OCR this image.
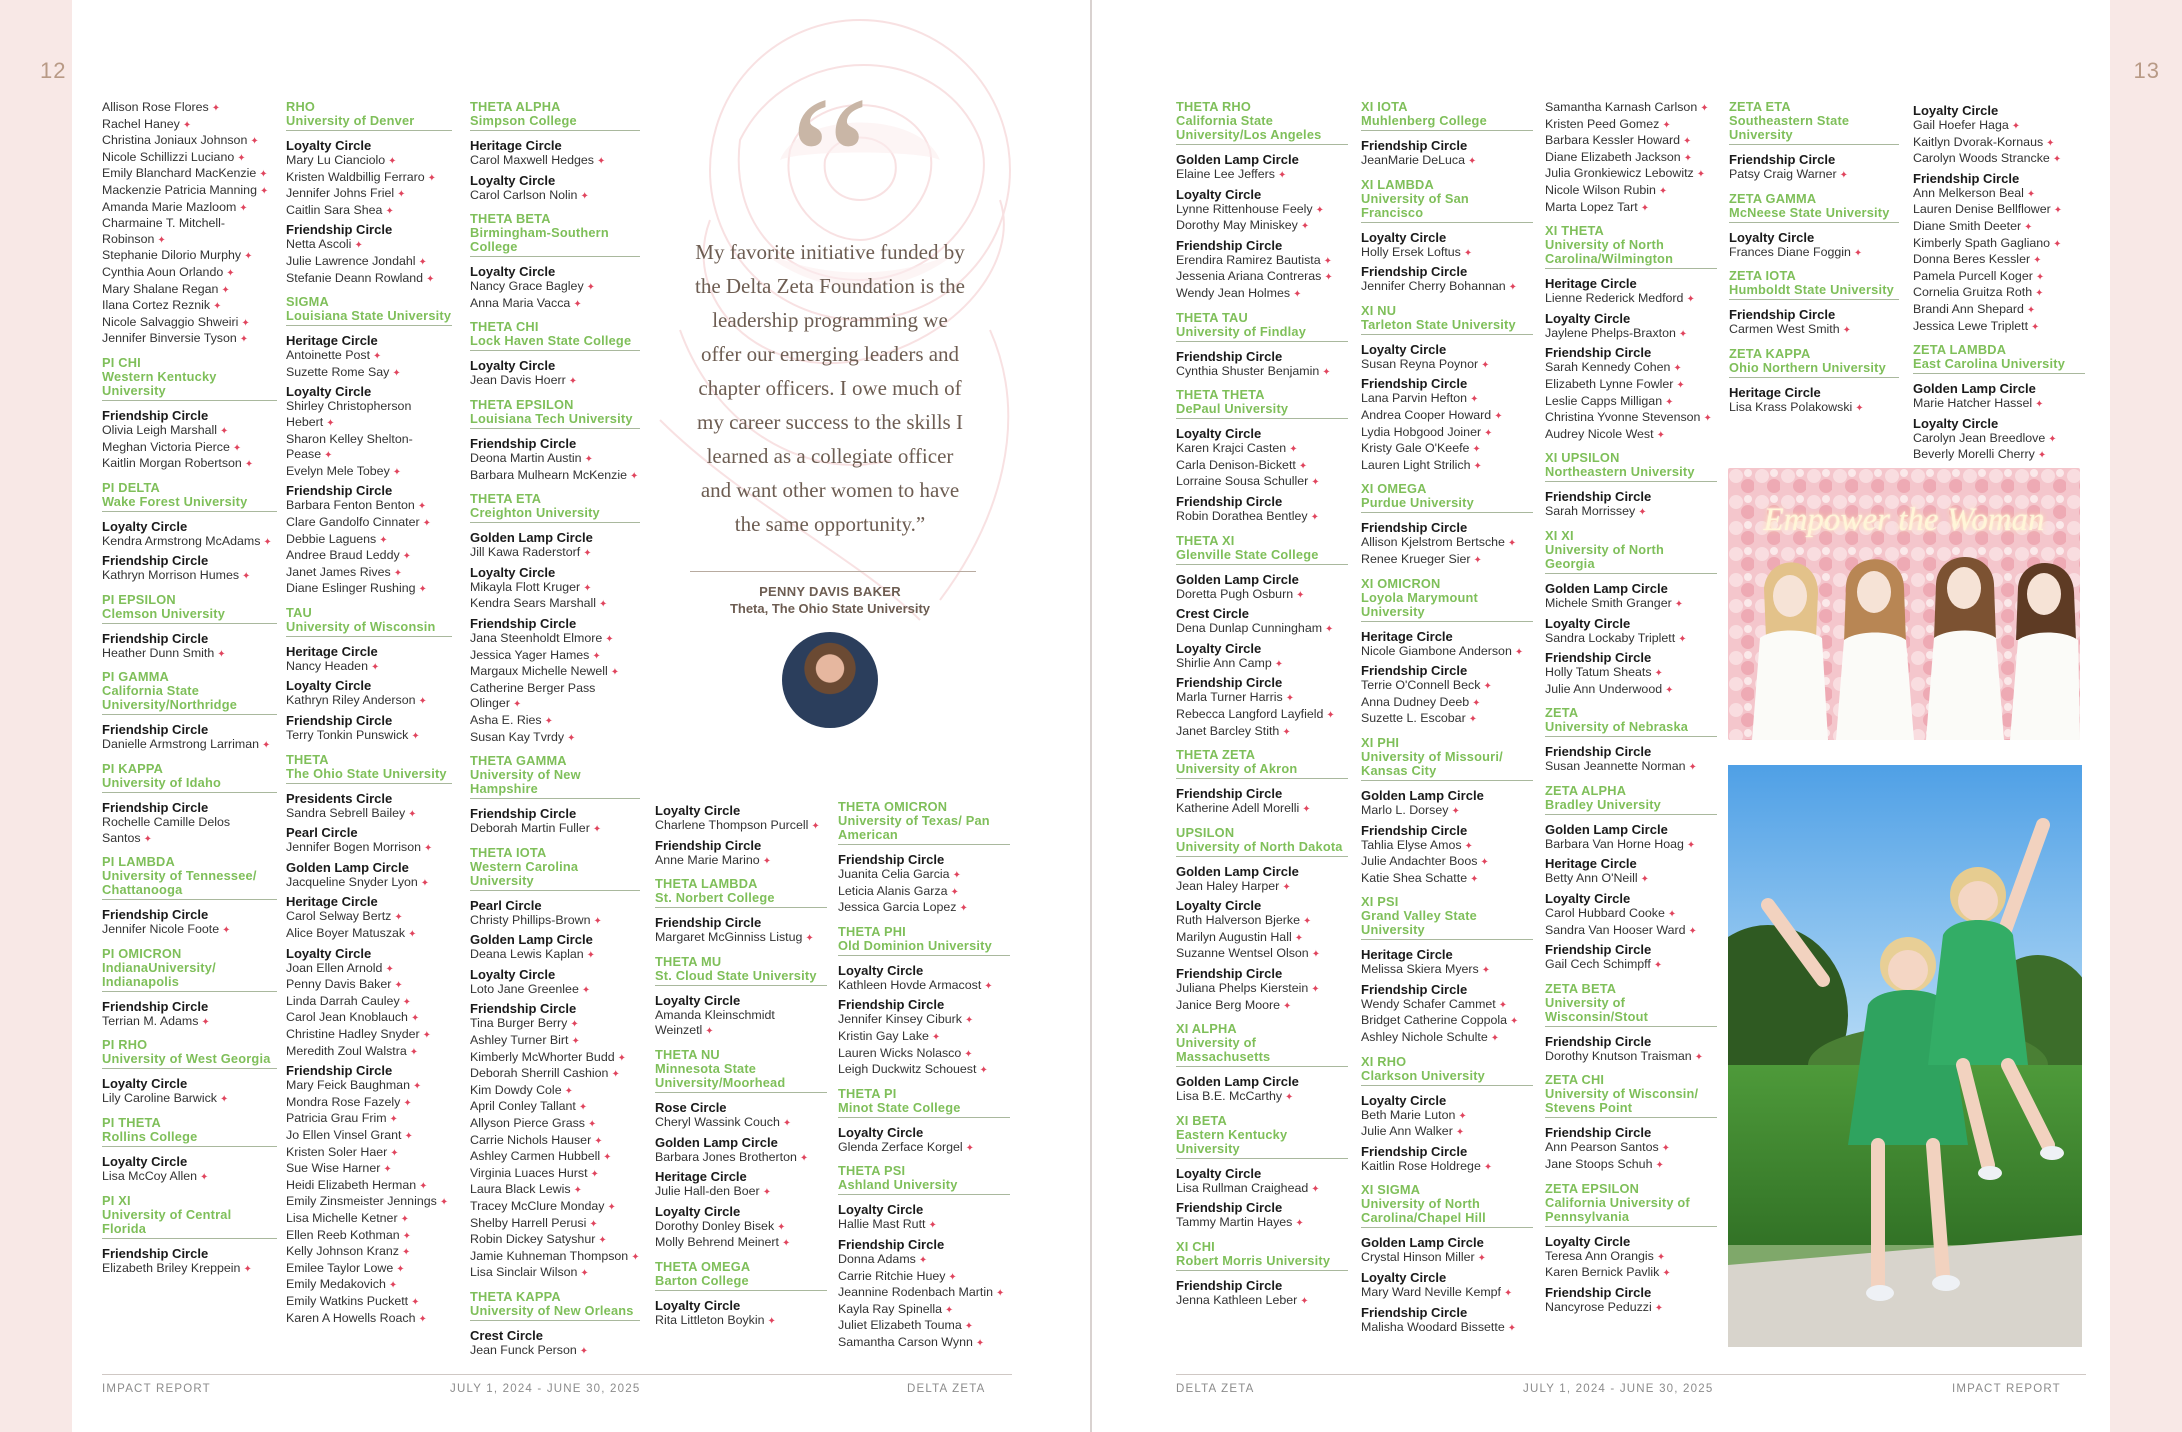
12
Allison Rose Flores ✦
Rachel Haney ✦
Christina Joniaux Johnson ✦
Nicole Schillizzi Luciano ✦
Emily Blanchard MacKenzie ✦
Mackenzie Patricia Manning ✦
Amanda Marie Mazloom ✦
Charmaine T. Mitchell-Robinson ✦
Stephanie Dilorio Murphy ✦
Cynthia Aoun Orlando ✦
Mary Shalane Regan ✦
Ilana Cortez Reznik ✦
Nicole Salvaggio Shweiri ✦
Jennifer Binversie Tyson ✦
PI CHI
Western Kentucky University
Friendship Circle
Olivia Leigh Marshall ✦
Meghan Victoria Pierce ✦
Kaitlin Morgan Robertson ✦
PI DELTA
Wake Forest University
Loyalty Circle
Kendra Armstrong McAdams ✦
Friendship Circle
Kathryn Morrison Humes ✦
PI EPSILON
Clemson University
Friendship Circle
Heather Dunn Smith ✦
PI GAMMA
California State University/Northridge
Friendship Circle
Danielle Armstrong Larriman ✦
PI KAPPA
University of Idaho
Friendship Circle
Rochelle Camille Delos Santos ✦
PI LAMBDA
University of Tennessee/ Chattanooga
Friendship Circle
Jennifer Nicole Foote ✦
PI OMICRON
IndianaUniversity/ Indianapolis
Friendship Circle
Terrian M. Adams ✦
PI RHO
University of West Georgia
Loyalty Circle
Lily Caroline Barwick ✦
PI THETA
Rollins College
Loyalty Circle
Lisa McCoy Allen ✦
PI XI
University of Central Florida
Friendship Circle
Elizabeth Briley Kreppein ✦
RHO
University of Denver
Loyalty Circle
Mary Lu Cianciolo ✦
Kristen Waldbillig Ferraro ✦
Jennifer Johns Friel ✦
Caitlin Sara Shea ✦
Friendship Circle
Netta Ascoli ✦
Julie Lawrence Jondahl ✦
Stefanie Deann Rowland ✦
SIGMA
Louisiana State University
Heritage Circle
Antoinette Post ✦
Suzette Rome Say ✦
Loyalty Circle
Shirley Christopherson Hebert ✦
Sharon Kelley Shelton-Pease ✦
Evelyn Mele Tobey ✦
Friendship Circle
Barbara Fenton Benton ✦
Clare Gandolfo Cinnater ✦
Debbie Laguens ✦
Andree Braud Leddy ✦
Janet James Rives ✦
Diane Eslinger Rushing ✦
TAU
University of Wisconsin
Heritage Circle
Nancy Headen ✦
Loyalty Circle
Kathryn Riley Anderson ✦
Friendship Circle
Terry Tonkin Punswick ✦
THETA
The Ohio State University
Presidents Circle
Sandra Sebrell Bailey ✦
Pearl Circle
Jennifer Bogen Morrison ✦
Golden Lamp Circle
Jacqueline Snyder Lyon ✦
Heritage Circle
Carol Selway Bertz ✦
Alice Boyer Matuszak ✦
Loyalty Circle
Joan Ellen Arnold ✦
Penny Davis Baker ✦
Linda Darrah Cauley ✦
Carol Jean Knoblauch ✦
Christine Hadley Snyder ✦
Meredith Zoul Walstra ✦
Friendship Circle
Mary Feick Baughman ✦
Mondra Rose Fazely ✦
Patricia Grau Frim ✦
Jo Ellen Vinsel Grant ✦
Kristen Soler Haer ✦
Sue Wise Harner ✦
Heidi Elizabeth Herman ✦
Emily Zinsmeister Jennings ✦
Lisa Michelle Ketner ✦
Ellen Reeb Kothman ✦
Kelly Johnson Kranz ✦
Emilee Taylor Lowe ✦
Emily Medakovich ✦
Emily Watkins Puckett ✦
Karen A Howells Roach ✦
THETA ALPHA
Simpson College
Heritage Circle
Carol Maxwell Hedges ✦
Loyalty Circle
Carol Carlson Nolin ✦
THETA BETA
Birmingham-Southern College
Loyalty Circle
Nancy Grace Bagley ✦
Anna Maria Vacca ✦
THETA CHI
Lock Haven State College
Loyalty Circle
Jean Davis Hoerr ✦
THETA EPSILON
Louisiana Tech University
Friendship Circle
Deona Martin Austin ✦
Barbara Mulhearn McKenzie ✦
THETA ETA
Creighton University
Golden Lamp Circle
Jill Kawa Raderstorf ✦
Loyalty Circle
Mikayla Flott Kruger ✦
Kendra Sears Marshall ✦
Friendship Circle
Jana Steenholdt Elmore ✦
Jessica Yager Hames ✦
Margaux Michelle Newell ✦
Catherine Berger Pass Olinger ✦
Asha E. Ries ✦
Susan Kay Tvrdy ✦
THETA GAMMA
University of New Hampshire
Friendship Circle
Deborah Martin Fuller ✦
THETA IOTA
Western Carolina University
Pearl Circle
Christy Phillips-Brown ✦
Golden Lamp Circle
Deana Lewis Kaplan ✦
Loyalty Circle
Loto Jane Greenlee ✦
Friendship Circle
Tina Burger Berry ✦
Ashley Turner Birt ✦
Kimberly McWhorter Budd ✦
Deborah Sherrill Cashion ✦
Kim Dowdy Cole ✦
April Conley Tallant ✦
Allyson Pierce Grass ✦
Carrie Nichols Hauser ✦
Ashley Carmen Hubbell ✦
Virginia Luaces Hurst ✦
Laura Black Lewis ✦
Tracey McClure Monday ✦
Shelby Harrell Perusi ✦
Robin Dickey Satyshur ✦
Jamie Kuhneman Thompson ✦
Lisa Sinclair Wilson ✦
THETA KAPPA
University of New Orleans
Crest Circle
Jean Funck Person ✦
Loyalty Circle
Charlene Thompson Purcell ✦
Friendship Circle
Anne Marie Marino ✦
THETA LAMBDA
St. Norbert College
Friendship Circle
Margaret McGinniss Listug ✦
THETA MU
St. Cloud State University
Loyalty Circle
Amanda Kleinschmidt Weinzetl ✦
THETA NU
Minnesota State University/Moorhead
Rose Circle
Cheryl Wassink Couch ✦
Golden Lamp Circle
Barbara Jones Brotherton ✦
Heritage Circle
Julie Hall-den Boer ✦
Loyalty Circle
Dorothy Donley Bisek ✦
Molly Behrend Meinert ✦
THETA OMEGA
Barton College
Loyalty Circle
Rita Littleton Boykin ✦
THETA OMICRON
University of Texas/ Pan American
Friendship Circle
Juanita Celia Garcia ✦
Leticia Alanis Garza ✦
Jessica Garcia Lopez ✦
THETA PHI
Old Dominion University
Loyalty Circle
Kathleen Hovde Armacost ✦
Friendship Circle
Jennifer Kinsey Ciburk ✦
Kristin Gay Lake ✦
Lauren Wicks Nolasco ✦
Leigh Duckwitz Schouest ✦
THETA PI
Minot State College
Loyalty Circle
Glenda Zerface Korgel ✦
THETA PSI
Ashland University
Loyalty Circle
Hallie Mast Rutt ✦
Friendship Circle
Donna Adams ✦
Carrie Ritchie Huey ✦
Jeannine Rodenbach Martin ✦
Kayla Ray Spinella ✦
Juliet Elizabeth Touma ✦
Samantha Carson Wynn ✦
“
My favorite initiative funded by the Delta Zeta Foundation is the leadership programming we offer our emerging leaders and chapter officers. I owe much of my career success to the skills I learned as a collegiate officer and want other women to have the same opportunity.”
PENNY DAVIS BAKER
Theta, The Ohio State University
IMPACT REPORT	JULY 1, 2024 - JUNE 30, 2025	DELTA ZETA
13
THETA RHO
California State University/Los Angeles
Golden Lamp Circle
Elaine Lee Jeffers ✦
Loyalty Circle
Lynne Rittenhouse Feely ✦
Dorothy May Miniskey ✦
Friendship Circle
Erendira Ramirez Bautista ✦
Jessenia Ariana Contreras ✦
Wendy Jean Holmes ✦
THETA TAU
University of Findlay
Friendship Circle
Cynthia Shuster Benjamin ✦
THETA THETA
DePaul University
Loyalty Circle
Karen Krajci Casten ✦
Carla Denison-Bickett ✦
Lorraine Sousa Schuller ✦
Friendship Circle
Robin Dorathea Bentley ✦
THETA XI
Glenville State College
Golden Lamp Circle
Doretta Pugh Osburn ✦
Crest Circle
Dena Dunlap Cunningham ✦
Loyalty Circle
Shirlie Ann Camp ✦
Friendship Circle
Marla Turner Harris ✦
Rebecca Langford Layfield ✦
Janet Barcley Stith ✦
THETA ZETA
University of Akron
Friendship Circle
Katherine Adell Morelli ✦
UPSILON
University of North Dakota
Golden Lamp Circle
Jean Haley Harper ✦
Loyalty Circle
Ruth Halverson Bjerke ✦
Marilyn Augustin Hall ✦
Suzanne Wentsel Olson ✦
Friendship Circle
Juliana Phelps Kierstein ✦
Janice Berg Moore ✦
XI ALPHA
University of Massachusetts
Golden Lamp Circle
Lisa B.E. McCarthy ✦
XI BETA
Eastern Kentucky University
Loyalty Circle
Lisa Rullman Craighead ✦
Friendship Circle
Tammy Martin Hayes ✦
XI CHI
Robert Morris University
Friendship Circle
Jenna Kathleen Leber ✦
XI IOTA
Muhlenberg College
Friendship Circle
JeanMarie DeLuca ✦
XI LAMBDA
University of San Francisco
Loyalty Circle
Holly Ersek Loftus ✦
Friendship Circle
Jennifer Cherry Bohannan ✦
XI NU
Tarleton State University
Loyalty Circle
Susan Reyna Poynor ✦
Friendship Circle
Lana Parvin Hefton ✦
Andrea Cooper Howard ✦
Lydia Hobgood Joiner ✦
Kristy Gale O'Keefe ✦
Lauren Light Strilich ✦
XI OMEGA
Purdue University
Friendship Circle
Allison Kjelstrom Bertsche ✦
Renee Krueger Sier ✦
XI OMICRON
Loyola Marymount University
Heritage Circle
Nicole Giambone Anderson ✦
Friendship Circle
Terrie O'Connell Beck ✦
Anna Dudney Deeb ✦
Suzette L. Escobar ✦
XI PHI
University of Missouri/ Kansas City
Golden Lamp Circle
Marlo L. Dorsey ✦
Friendship Circle
Tahlia Elyse Amos ✦
Julie Andachter Boos ✦
Katie Shea Schatte ✦
XI PSI
Grand Valley State University
Heritage Circle
Melissa Skiera Myers ✦
Friendship Circle
Wendy Schafer Cammet ✦
Bridget Catherine Coppola ✦
Ashley Nichole Schulte ✦
XI RHO
Clarkson University
Loyalty Circle
Beth Marie Luton ✦
Julie Ann Walker ✦
Friendship Circle
Kaitlin Rose Holdrege ✦
XI SIGMA
University of North Carolina/Chapel Hill
Golden Lamp Circle
Crystal Hinson Miller ✦
Loyalty Circle
Mary Ward Neville Kempf ✦
Friendship Circle
Malisha Woodard Bissette ✦
Samantha Karnash Carlson ✦
Kristen Peed Gomez ✦
Barbara Kessler Howard ✦
Diane Elizabeth Jackson ✦
Julia Gronkiewicz Lebowitz ✦
Nicole Wilson Rubin ✦
Marta Lopez Tart ✦
XI THETA
University of North Carolina/Wilmington
Heritage Circle
Lienne Rederick Medford ✦
Loyalty Circle
Jaylene Phelps-Braxton ✦
Friendship Circle
Sarah Kennedy Cohen ✦
Elizabeth Lynne Fowler ✦
Leslie Capps Milligan ✦
Christina Yvonne Stevenson ✦
Audrey Nicole West ✦
XI UPSILON
Northeastern University
Friendship Circle
Sarah Morrissey ✦
XI XI
University of North Georgia
Golden Lamp Circle
Michele Smith Granger ✦
Loyalty Circle
Sandra Lockaby Triplett ✦
Friendship Circle
Holly Tatum Sheats ✦
Julie Ann Underwood ✦
ZETA
University of Nebraska
Friendship Circle
Susan Jeannette Norman ✦
ZETA ALPHA
Bradley University
Golden Lamp Circle
Barbara Van Horne Hoag ✦
Heritage Circle
Betty Ann O'Neill ✦
Loyalty Circle
Carol Hubbard Cooke ✦
Sandra Van Hooser Ward ✦
Friendship Circle
Gail Cech Schimpff ✦
ZETA BETA
University of Wisconsin/Stout
Friendship Circle
Dorothy Knutson Traisman ✦
ZETA CHI
University of Wisconsin/ Stevens Point
Friendship Circle
Ann Pearson Santos ✦
Jane Stoops Schuh ✦
ZETA EPSILON
California University of Pennsylvania
Loyalty Circle
Teresa Ann Orangis ✦
Karen Bernick Pavlik ✦
Friendship Circle
Nancyrose Peduzzi ✦
ZETA ETA
Southeastern State University
Friendship Circle
Patsy Craig Warner ✦
ZETA GAMMA
McNeese State University
Loyalty Circle
Frances Diane Foggin ✦
ZETA IOTA
Humboldt State University
Friendship Circle
Carmen West Smith ✦
ZETA KAPPA
Ohio Northern University
Heritage Circle
Lisa Krass Polakowski ✦
Loyalty Circle
Gail Hoefer Haga ✦
Kaitlyn Dvorak-Kornaus ✦
Carolyn Woods Strancke ✦
Friendship Circle
Ann Melkerson Beal ✦
Lauren Denise Bellflower ✦
Diane Smith Deeter ✦
Kimberly Spath Gagliano ✦
Donna Beres Kessler ✦
Pamela Purcell Koger ✦
Cornelia Gruitza Roth ✦
Brandi Ann Shepard ✦
Jessica Lewe Triplett ✦
ZETA LAMBDA
East Carolina University
Golden Lamp Circle
Marie Hatcher Hassel ✦
Loyalty Circle
Carolyn Jean Breedlove ✦
Beverly Morelli Cherry ✦
DELTA ZETA	JULY 1, 2024 - JUNE 30, 2025	IMPACT REPORT
Empower the Woman
